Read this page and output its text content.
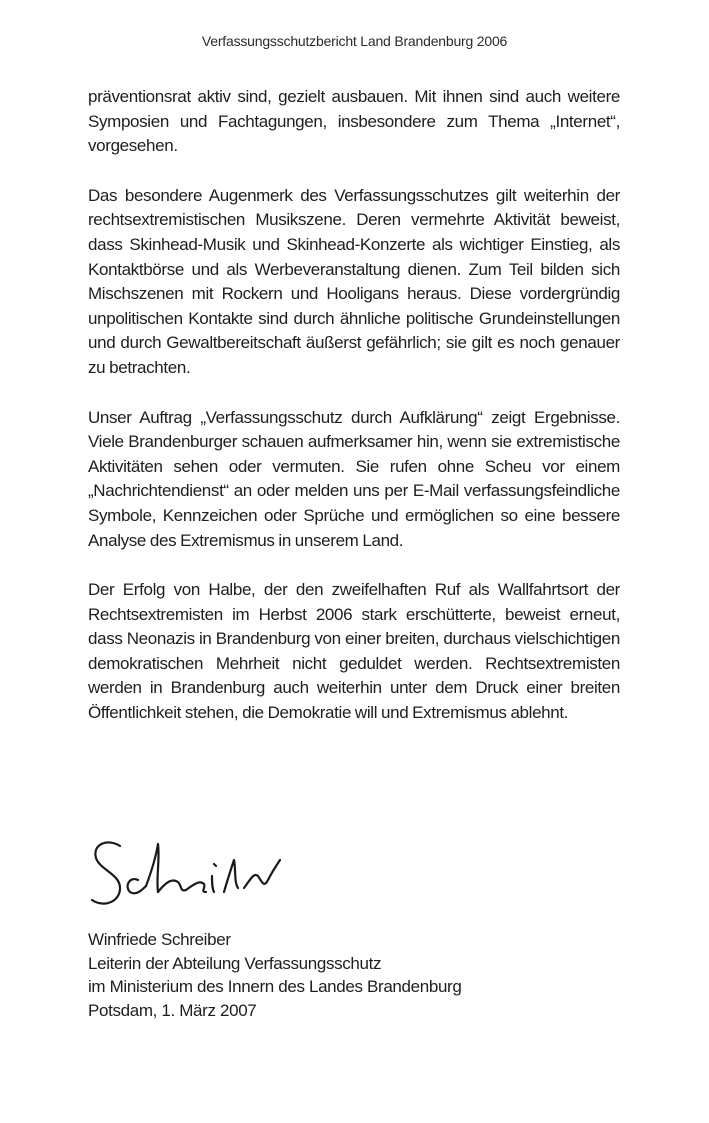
Verfassungsschutzbericht Land Brandenburg 2006

präventionsrat aktiv sind, gezielt ausbauen. Mit ihnen sind auch weitere Symposien und Fachtagungen, insbesondere zum Thema „Internet“, vorgesehen.

Das besondere Augenmerk des Verfassungsschutzes gilt weiterhin der rechtsextremistischen Musikszene. Deren vermehrte Aktivität beweist, dass Skinhead-Musik und Skinhead-Konzerte als wichtiger Einstieg, als Kontaktbörse und als Werbeveranstaltung dienen. Zum Teil bilden sich Mischszenen mit Rockern und Hooligans heraus. Diese vordergründig unpolitischen Kontakte sind durch ähnliche politische Grundeinstellungen und durch Gewaltbereitschaft äußerst gefährlich; sie gilt es noch genauer zu betrachten.

Unser Auftrag „Verfassungsschutz durch Aufklärung“ zeigt Ergebnisse. Viele Brandenburger schauen aufmerksamer hin, wenn sie extremistische Aktivitäten sehen oder vermuten. Sie rufen ohne Scheu vor einem „Nachrichtendienst“ an oder melden uns per E-Mail verfassungsfeindliche Symbole, Kennzeichen oder Sprüche und ermöglichen so eine bessere Analyse des Extremismus in unserem Land.

Der Erfolg von Halbe, der den zweifelhaften Ruf als Wallfahrtsort der Rechtsextremisten im Herbst 2006 stark erschütterte, beweist erneut, dass Neonazis in Brandenburg von einer breiten, durchaus vielschichtigen demokratischen Mehrheit nicht geduldet werden. Rechtsextremisten werden in Brandenburg auch weiterhin unter dem Druck einer breiten Öffentlichkeit stehen, die Demokratie will und Extremismus ablehnt.

Winfriede Schreiber
Leiterin der Abteilung Verfassungsschutz
im Ministerium des Innern des Landes Brandenburg
Potsdam, 1. März 2007
